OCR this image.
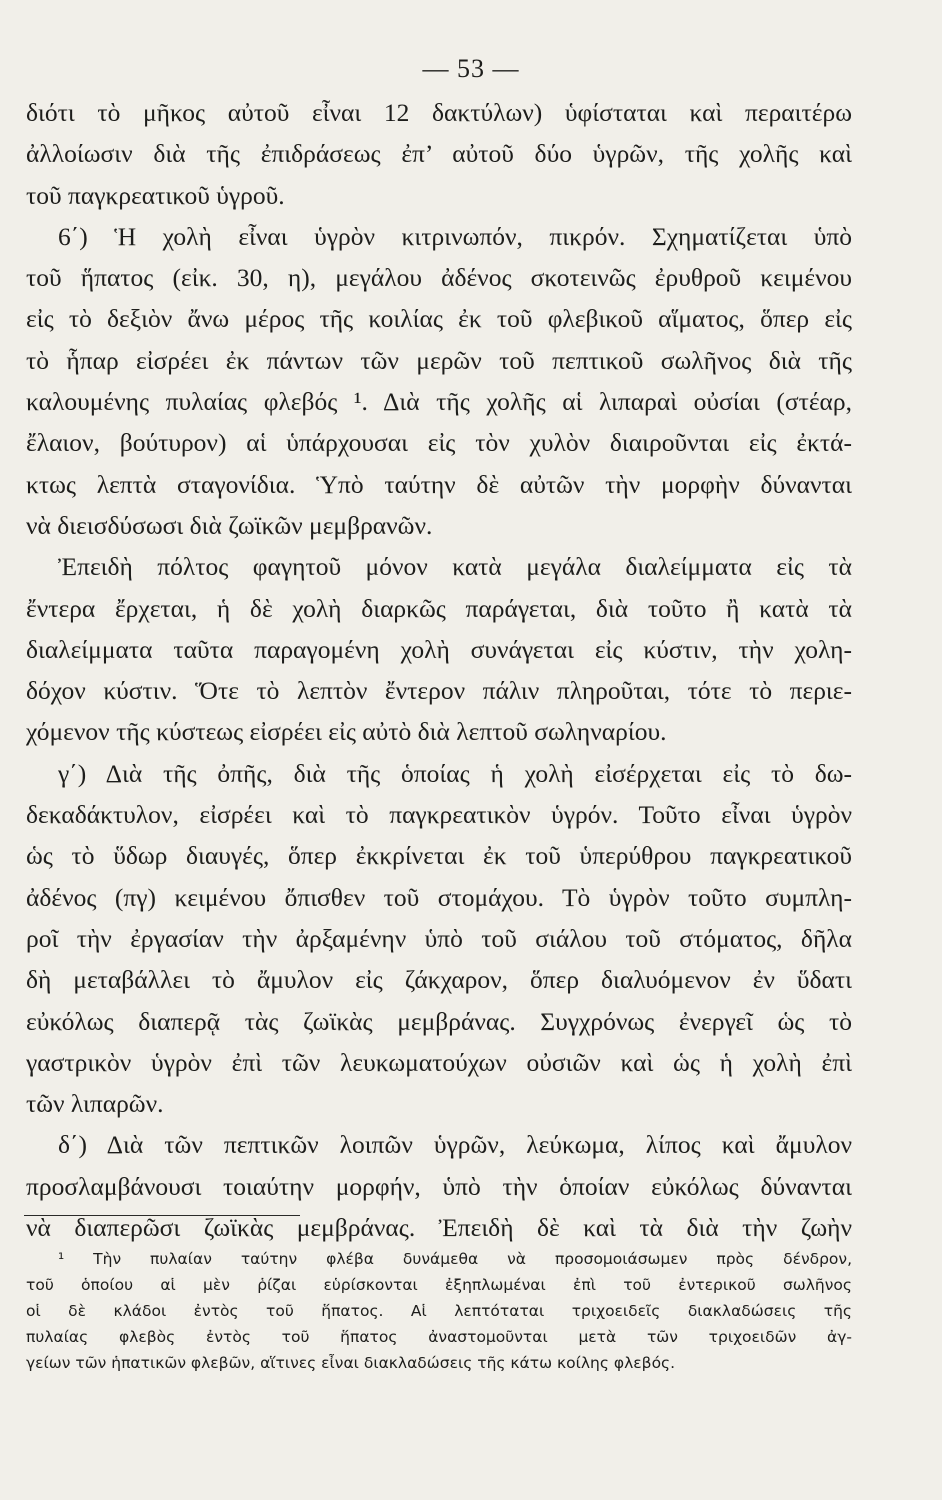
— 53 —
διότι τὸ μῆκος αὐτοῦ εἶναι 12 δακτύλων) ὑφίσταται καὶ περαιτέρω
ἀλλοίωσιν διὰ τῆς ἐπιδράσεως ἐπ’ αὐτοῦ δύο ὑγρῶν, τῆς χολῆς καὶ
τοῦ παγκρεατικοῦ ὑγροῦ.
6΄) Ἡ χολὴ εἶναι ὑγρὸν κιτρινωπόν, πικρόν. Σχηματίζεται ὑπὸ
τοῦ ἥπατος (εἰκ. 30, η), μεγάλου ἀδένος σκοτεινῶς ἐρυθροῦ κειμένου
εἰς τὸ δεξιὸν ἄνω μέρος τῆς κοιλίας ἐκ τοῦ φλεβικοῦ αἵματος, ὅπερ εἰς
τὸ ἧπαρ εἰσρέει ἐκ πάντων τῶν μερῶν τοῦ πεπτικοῦ σωλῆνος διὰ τῆς
καλουμένης πυλαίας φλεβός ¹. Διὰ τῆς χολῆς αἱ λιπαραὶ οὐσίαι (στέαρ,
ἔλαιον, βούτυρον) αἱ ὑπάρχουσαι εἰς τὸν χυλὸν διαιροῦνται εἰς ἐκτά-
κτως λεπτὰ σταγονίδια. Ὑπὸ ταύτην δὲ αὐτῶν τὴν μορφὴν δύνανται
νὰ διεισδύσωσι διὰ ζωϊκῶν μεμβρανῶν.
Ἐπειδὴ πόλτος φαγητοῦ μόνον κατὰ μεγάλα διαλείμματα εἰς τὰ
ἔντερα ἔρχεται, ἡ δὲ χολὴ διαρκῶς παράγεται, διὰ τοῦτο ἢ κατὰ τὰ
διαλείμματα ταῦτα παραγομένη χολὴ συνάγεται εἰς κύστιν, τὴν χολη-
δόχον κύστιν. Ὅτε τὸ λεπτὸν ἔντερον πάλιν πληροῦται, τότε τὸ περιε-
χόμενον τῆς κύστεως εἰσρέει εἰς αὐτὸ διὰ λεπτοῦ σωληναρίου.
γ΄) Διὰ τῆς ὀπῆς, διὰ τῆς ὁποίας ἡ χολὴ εἰσέρχεται εἰς τὸ δω-
δεκαδάκτυλον, εἰσρέει καὶ τὸ παγκρεατικὸν ὑγρόν. Τοῦτο εἶναι ὑγρὸν
ὡς τὸ ὕδωρ διαυγές, ὅπερ ἐκκρίνεται ἐκ τοῦ ὑπερύθρου παγκρεατικοῦ
ἀδένος (πγ) κειμένου ὄπισθεν τοῦ στομάχου. Τὸ ὑγρὸν τοῦτο συμπλη-
ροῖ τὴν ἐργασίαν τὴν ἀρξαμένην ὑπὸ τοῦ σιάλου τοῦ στόματος, δῆλα
δὴ μεταβάλλει τὸ ἄμυλον εἰς ζάκχαρον, ὅπερ διαλυόμενον ἐν ὕδατι
εὐκόλως διαπερᾷ τὰς ζωϊκὰς μεμβράνας. Συγχρόνως ἐνεργεῖ ὡς τὸ
γαστρικὸν ὑγρὸν ἐπὶ τῶν λευκωματούχων οὐσιῶν καὶ ὡς ἡ χολὴ ἐπὶ
τῶν λιπαρῶν.
δ΄) Διὰ τῶν πεπτικῶν λοιπῶν ὑγρῶν, λεύκωμα, λίπος καὶ ἄμυλον
προσλαμβάνουσι τοιαύτην μορφήν, ὑπὸ τὴν ὁποίαν εὐκόλως δύνανται
νὰ διαπερῶσι ζωϊκὰς μεμβράνας. Ἐπειδὴ δὲ καὶ τὰ διὰ τὴν ζωὴν
¹ Τὴν πυλαίαν ταύτην φλέβα δυνάμεθα νὰ προσομοιάσωμεν πρὸς δένδρον,
τοῦ ὁποίου αἱ μὲν ῥίζαι εὑρίσκονται ἐξηπλωμέναι ἐπὶ τοῦ ἐντερικοῦ σωλῆνος
οἱ δὲ κλάδοι ἐντὸς τοῦ ἥπατος. Αἱ λεπτόταται τριχοειδεῖς διακλαδώσεις τῆς
πυλαίας φλεβὸς ἐντὸς τοῦ ἥπατος ἀναστομοῦνται μετὰ τῶν τριχοειδῶν ἀγ-
γείων τῶν ἡπατικῶν φλεβῶν, αἵτινες εἶναι διακλαδώσεις τῆς κάτω κοίλης φλεβός.
